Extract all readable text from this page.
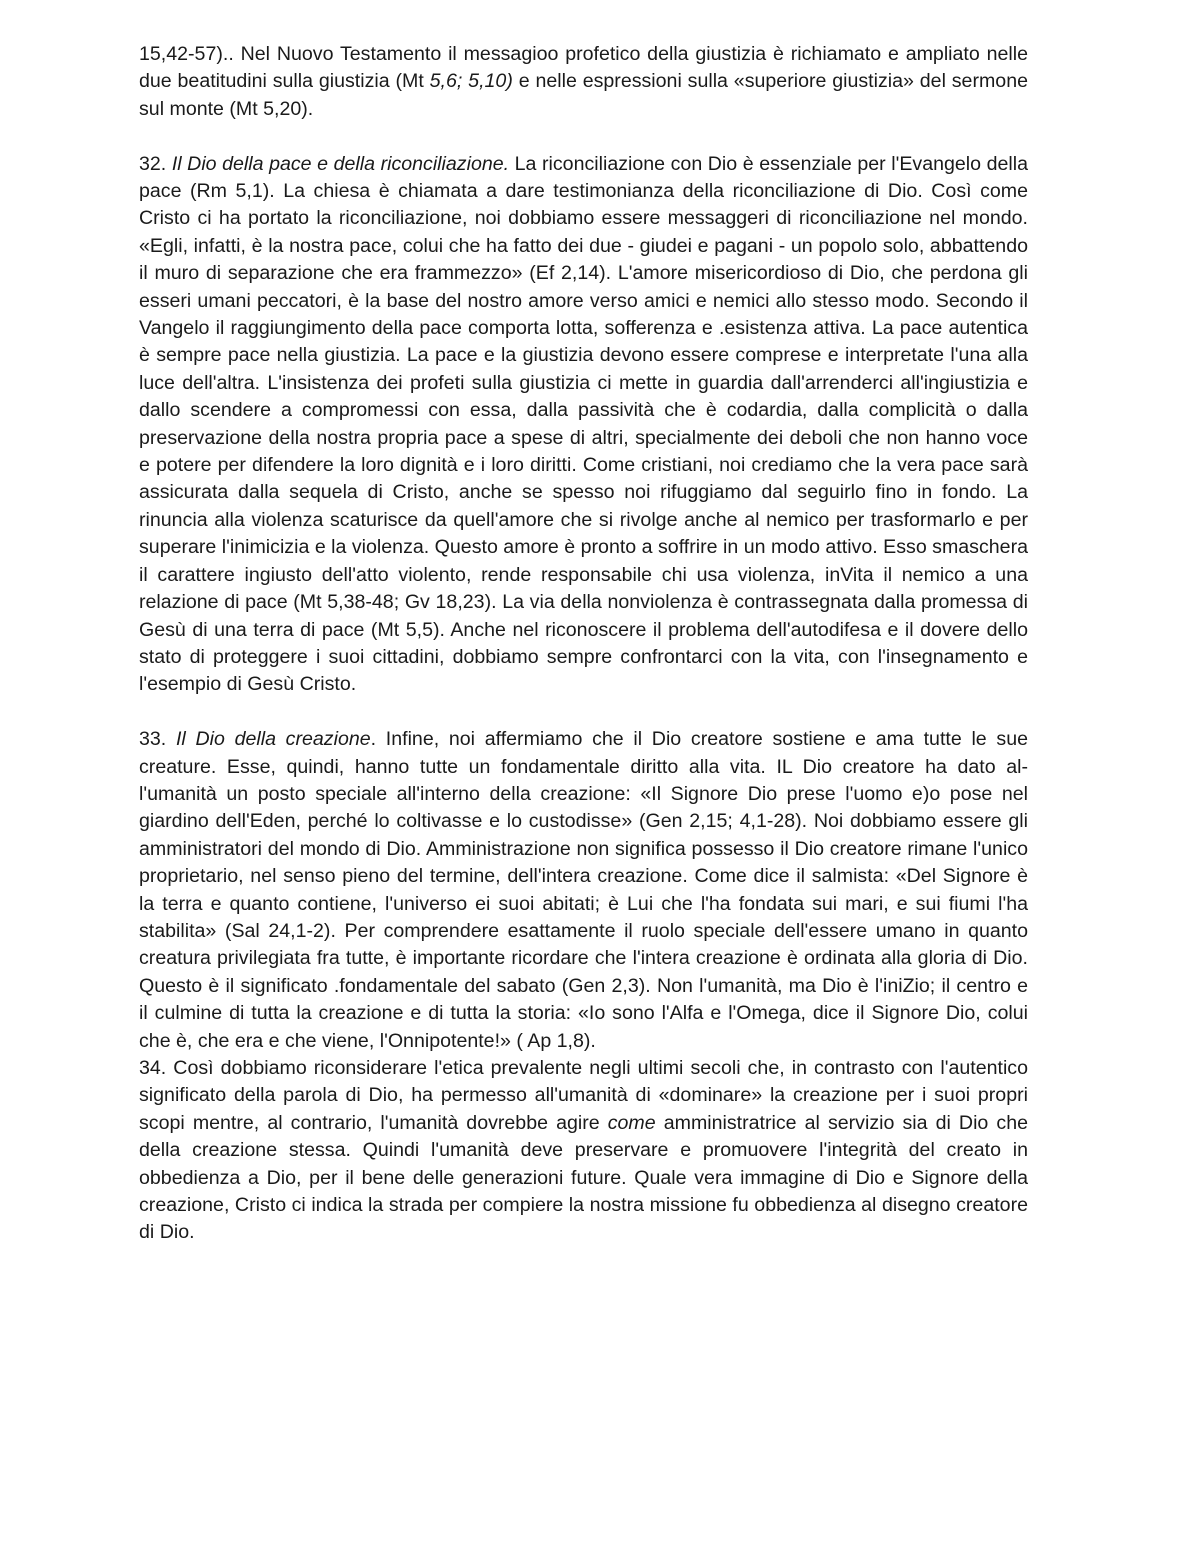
15,42-57).. Nel Nuovo Testamento il messagioo profetico della giustizia è richiamato e ampliato nelle due beatitudini sulla giustizia (Mt 5,6; 5,10) e nelle espressioni sulla «superiore giustizia» del sermone sul monte (Mt 5,20).

32. Il Dio della pace e della riconciliazione. La riconciliazione con Dio è essenziale per l'Evangelo della pace (Rm 5,1). La chiesa è chiamata a dare testimonianza della riconciliazione di Dio. Così come Cristo ci ha portato la riconciliazione, noi dobbiamo essere messaggeri di riconciliazione nel mondo. «Egli, infatti, è la nostra pace, colui che ha fatto dei due - giudei e pagani - un popolo solo, abbattendo il muro di separazione che era frammezzo» (Ef 2,14). L'amore misericordioso di Dio, che perdona gli esseri umani peccatori, è la base del nostro amore verso amici e nemici allo stesso modo. Secondo il Vangelo il raggiungimento della pace comporta lotta, sofferenza e .esistenza attiva. La pace autentica è sempre pace nella giustizia. La pace e la giustizia devono essere comprese e interpretate l'una alla luce dell'altra. L'insistenza dei profeti sulla giustizia ci mette in guardia dall'arrenderci all'ingiustizia e dallo scendere a compromessi con essa, dalla passività che è codardia, dalla complicità o dalla preservazione della nostra propria pace a spese di altri, specialmente dei deboli che non hanno voce e potere per difendere la loro dignità e i loro diritti. Come cristiani, noi crediamo che la vera pace sarà assicurata dalla sequela di Cristo, anche se spesso noi rifuggiamo dal seguirlo fino in fondo. La rinuncia alla violenza scaturisce da quell'amore che si rivolge anche al nemico per trasformarlo e per superare l'inimicizia e la violenza. Questo amore è pronto a soffrire in un modo attivo. Esso smaschera il carattere ingiusto dell'atto violento, rende responsabile chi usa violenza, inVita il nemico a una relazione di pace (Mt 5,38-48; Gv 18,23). La via della nonviolenza è contrassegnata dalla promessa di Gesù di una terra di pace (Mt 5,5). Anche nel riconoscere il problema dell'autodifesa e il dovere dello stato di proteggere i suoi cittadini, dobbiamo sempre confrontarci con la vita, con l'insegnamento e l'esempio di Gesù Cristo.

33. Il Dio della creazione. Infine, noi affermiamo che il Dio creatore sostiene e ama tutte le sue creature. Esse, quindi, hanno tutte un fondamentale diritto alla vita. IL Dio creatore ha dato al- l'umanità un posto speciale all'interno della creazione: «Il Signore Dio prese l'uomo e)o pose nel giardino dell'Eden, perché lo coltivasse e lo custodisse» (Gen 2,15; 4,1-28). Noi dobbiamo essere gli amministratori del mondo di Dio. Amministrazione non significa possesso il Dio creatore rimane l'unico proprietario, nel senso pieno del termine, dell'intera creazione. Come dice il salmista: «Del Signore è la terra e quanto contiene, l'universo ei suoi abitati; è Lui che l'ha fondata sui mari, e sui fiumi l'ha stabilita» (Sal 24,1-2). Per comprendere esattamente il ruolo speciale dell'essere umano in quanto creatura privilegiata fra tutte, è importante ricordare che l'intera creazione è ordinata alla gloria di Dio. Questo è il significato .fondamentale del sabato (Gen 2,3). Non l'umanità, ma Dio è l'iniZio; il centro e il culmine di tutta la creazione e di tutta la storia: «Io sono l'Alfa e l'Omega, dice il Signore Dio, colui che è, che era e che viene, l'Onnipotente!» ( Ap 1,8).

34. Così dobbiamo riconsiderare l'etica prevalente negli ultimi secoli che, in contrasto con l'autentico significato della parola di Dio, ha permesso all'umanità di «dominare» la creazione per i suoi propri scopi mentre, al contrario, l'umanità dovrebbe agire come amministratrice al servizio sia di Dio che della creazione stessa. Quindi l'umanità deve preservare e promuovere l'integrità del creato in obbedienza a Dio, per il bene delle generazioni future. Quale vera immagine di Dio e Signore della creazione, Cristo ci indica la strada per compiere la nostra missione fu obbedienza al disegno creatore di Dio.
